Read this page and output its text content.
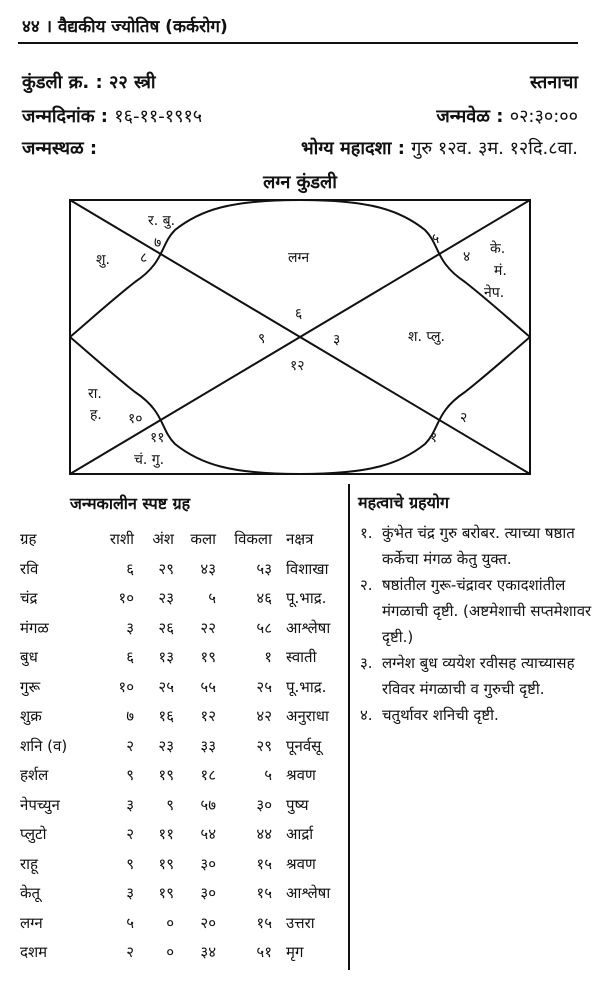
४४ । वैद्यकीय ज्योतिष (कर्करोग)
कुंडली क्र. : २२ स्त्री	स्तनाचा
जन्मदिनांक : १६-११-१९१५	जन्मवेळ : ०२:३०:००
जन्मस्थळ :	भोग्य महादशा : गुरु १२व. ३म. १२दि.८वा.
लग्न कुंडली
६
५
४
३
२
१
१२
११
१०
९
८
७
लग्न
र. बु.
शु.
के.
मं.
नेप.
श. प्लु.
रा.
ह.
चं. गु.
जन्मकालीन स्पष्ट ग्रह
ग्रह	राशी	अंश	कला	विकला	नक्षत्र
रवि	६	२९	४३	५३	विशाखा
चंद्र	१०	२३	५	४६	पू.भाद्र.
मंगळ	३	२६	२२	५८	आश्लेषा
बुध	६	१३	१९	१	स्वाती
गुरू	१०	२५	५५	२५	पू.भाद्र.
शुक्र	७	१६	१२	४२	अनुराधा
शनि (व)	२	२३	३३	२९	पूनर्वसू
हर्शल	९	१९	१८	५	श्रवण
नेपच्युन	३	९	५७	३०	पुष्य
प्लुटो	२	११	५४	४४	आर्द्रा
राहू	९	१९	३०	१५	श्रवण
केतू	३	१९	३०	१५	आश्लेषा
लग्न	५	०	२०	१५	उत्तरा
दशम	२	०	३४	५१	मृग
महत्वाचे ग्रहयोग
१. कुंभेत चंद्र गुरु बरोबर. त्याच्या षष्ठात कर्केचा मंगळ केतु युक्त.
२. षष्ठांतील गुरू-चंद्रावर एकादशांतील मंगळाची दृष्टी. (अष्टमेशाची सप्तमेशावर दृष्टी.)
३. लग्नेश बुध व्ययेश रवीसह त्याच्यासह रविवर मंगळाची व गुरुची दृष्टी.
४. चतुर्थावर शनिची दृष्टी.
